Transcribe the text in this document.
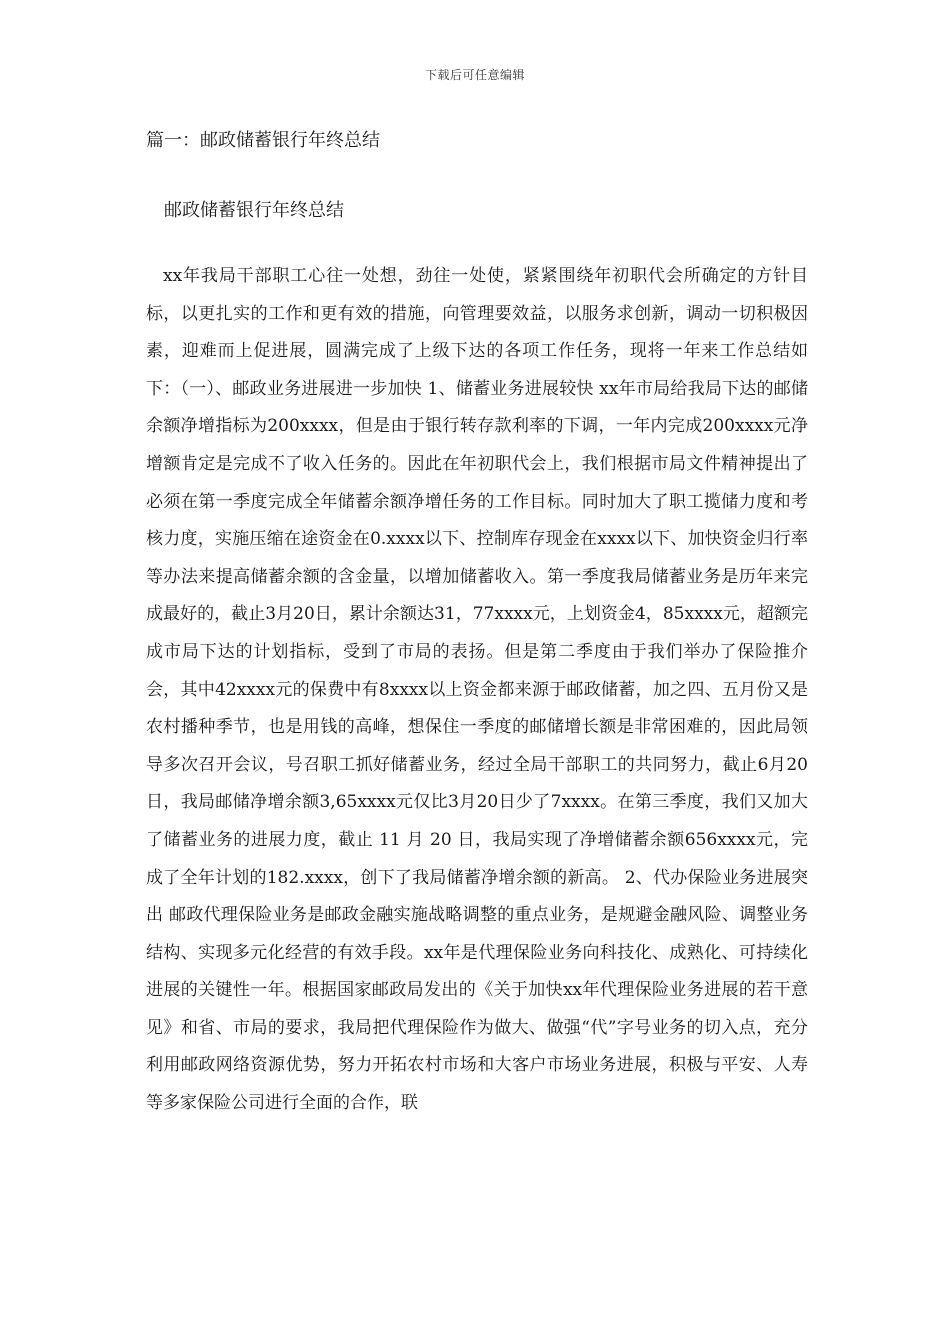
下载后可任意编辑
篇一：邮政储蓄银行年终总结
邮政储蓄银行年终总结
xx年我局干部职工心往一处想，劲往一处使，紧紧围绕年初职代会所确定的方针目标，以更扎实的工作和更有效的措施，向管理要效益，以服务求创新，调动一切积极因素，迎难而上促进展，圆满完成了上级下达的各项工作任务，现将一年来工作总结如下：（一）、邮政业务进展进一步加快 1、储蓄业务进展较快 xx年市局给我局下达的邮储余额净增指标为200xxxx，但是由于银行转存款利率的下调，一年内完成200xxxx元净增额肯定是完成不了收入任务的。因此在年初职代会上，我们根据市局文件精神提出了必须在第一季度完成全年储蓄余额净增任务的工作目标。同时加大了职工揽储力度和考核力度，实施压缩在途资金在0.xxxx以下、控制库存现金在xxxx以下、加快资金归行率等办法来提高储蓄余额的含金量，以增加储蓄收入。第一季度我局储蓄业务是历年来完成最好的，截止3月20日，累计余额达31，77xxxx元，上划资金4，85xxxx元，超额完成市局下达的计划指标，受到了市局的表扬。但是第二季度由于我们举办了保险推介会，其中42xxxx元的保费中有8xxxx以上资金都来源于邮政储蓄，加之四、五月份又是农村播种季节，也是用钱的高峰，想保住一季度的邮储增长额是非常困难的，因此局领导多次召开会议，号召职工抓好储蓄业务，经过全局干部职工的共同努力，截止6月20日，我局邮储净增余额3,65xxxx元仅比3月20日少了7xxxx。在第三季度，我们又加大了储蓄业务的进展力度，截止 11 月 20 日，我局实现了净增储蓄余额656xxxx元，完成了全年计划的182.xxxx，创下了我局储蓄净增余额的新高。 2、代办保险业务进展突出 邮政代理保险业务是邮政金融实施战略调整的重点业务，是规避金融风险、调整业务结构、实现多元化经营的有效手段。xx年是代理保险业务向科技化、成熟化、可持续化进展的关键性一年。根据国家邮政局发出的《关于加快xx年代理保险业务进展的若干意见》和省、市局的要求，我局把代理保险作为做大、做强“代”字号业务的切入点，充分利用邮政网络资源优势，努力开拓农村市场和大客户市场业务进展，积极与平安、人寿等多家保险公司进行全面的合作，联
